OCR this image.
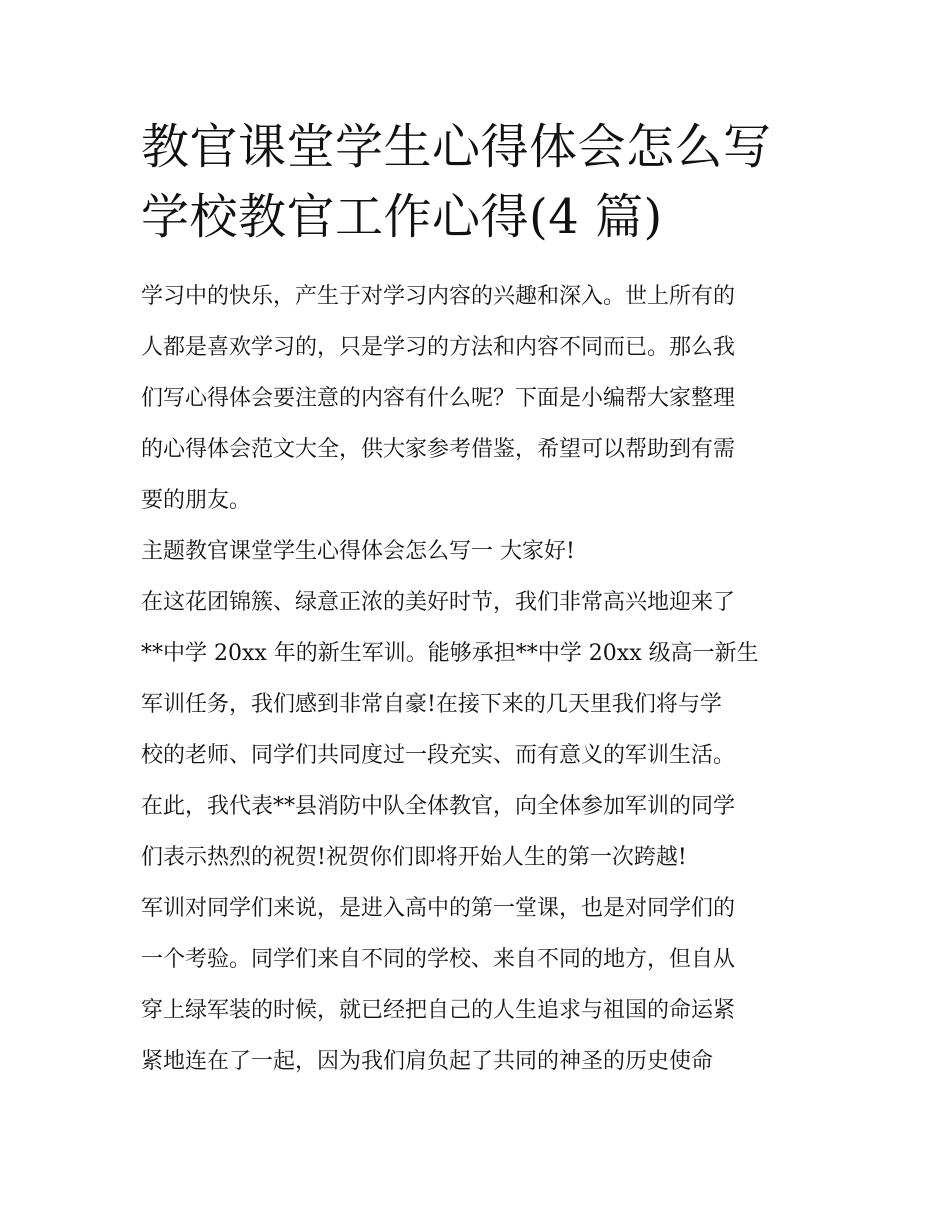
教官课堂学生心得体会怎么写
学校教官工作心得(4 篇)

学习中的快乐，产生于对学习内容的兴趣和深入。世上所有的
人都是喜欢学习的，只是学习的方法和内容不同而已。那么我
们写心得体会要注意的内容有什么呢？下面是小编帮大家整理
的心得体会范文大全，供大家参考借鉴，希望可以帮助到有需
要的朋友。

主题教官课堂学生心得体会怎么写一 大家好!

在这花团锦簇、绿意正浓的美好时节，我们非常高兴地迎来了
**中学 20xx 年的新生军训。能够承担**中学 20xx 级高一新生
军训任务，我们感到非常自豪!在接下来的几天里我们将与学
校的老师、同学们共同度过一段充实、而有意义的军训生活。
在此，我代表**县消防中队全体教官，向全体参加军训的同学
们表示热烈的祝贺!祝贺你们即将开始人生的第一次跨越!

军训对同学们来说，是进入高中的第一堂课，也是对同学们的
一个考验。同学们来自不同的学校、来自不同的地方，但自从
穿上绿军装的时候，就已经把自己的人生追求与祖国的命运紧
紧地连在了一起，因为我们肩负起了共同的神圣的历史使命
